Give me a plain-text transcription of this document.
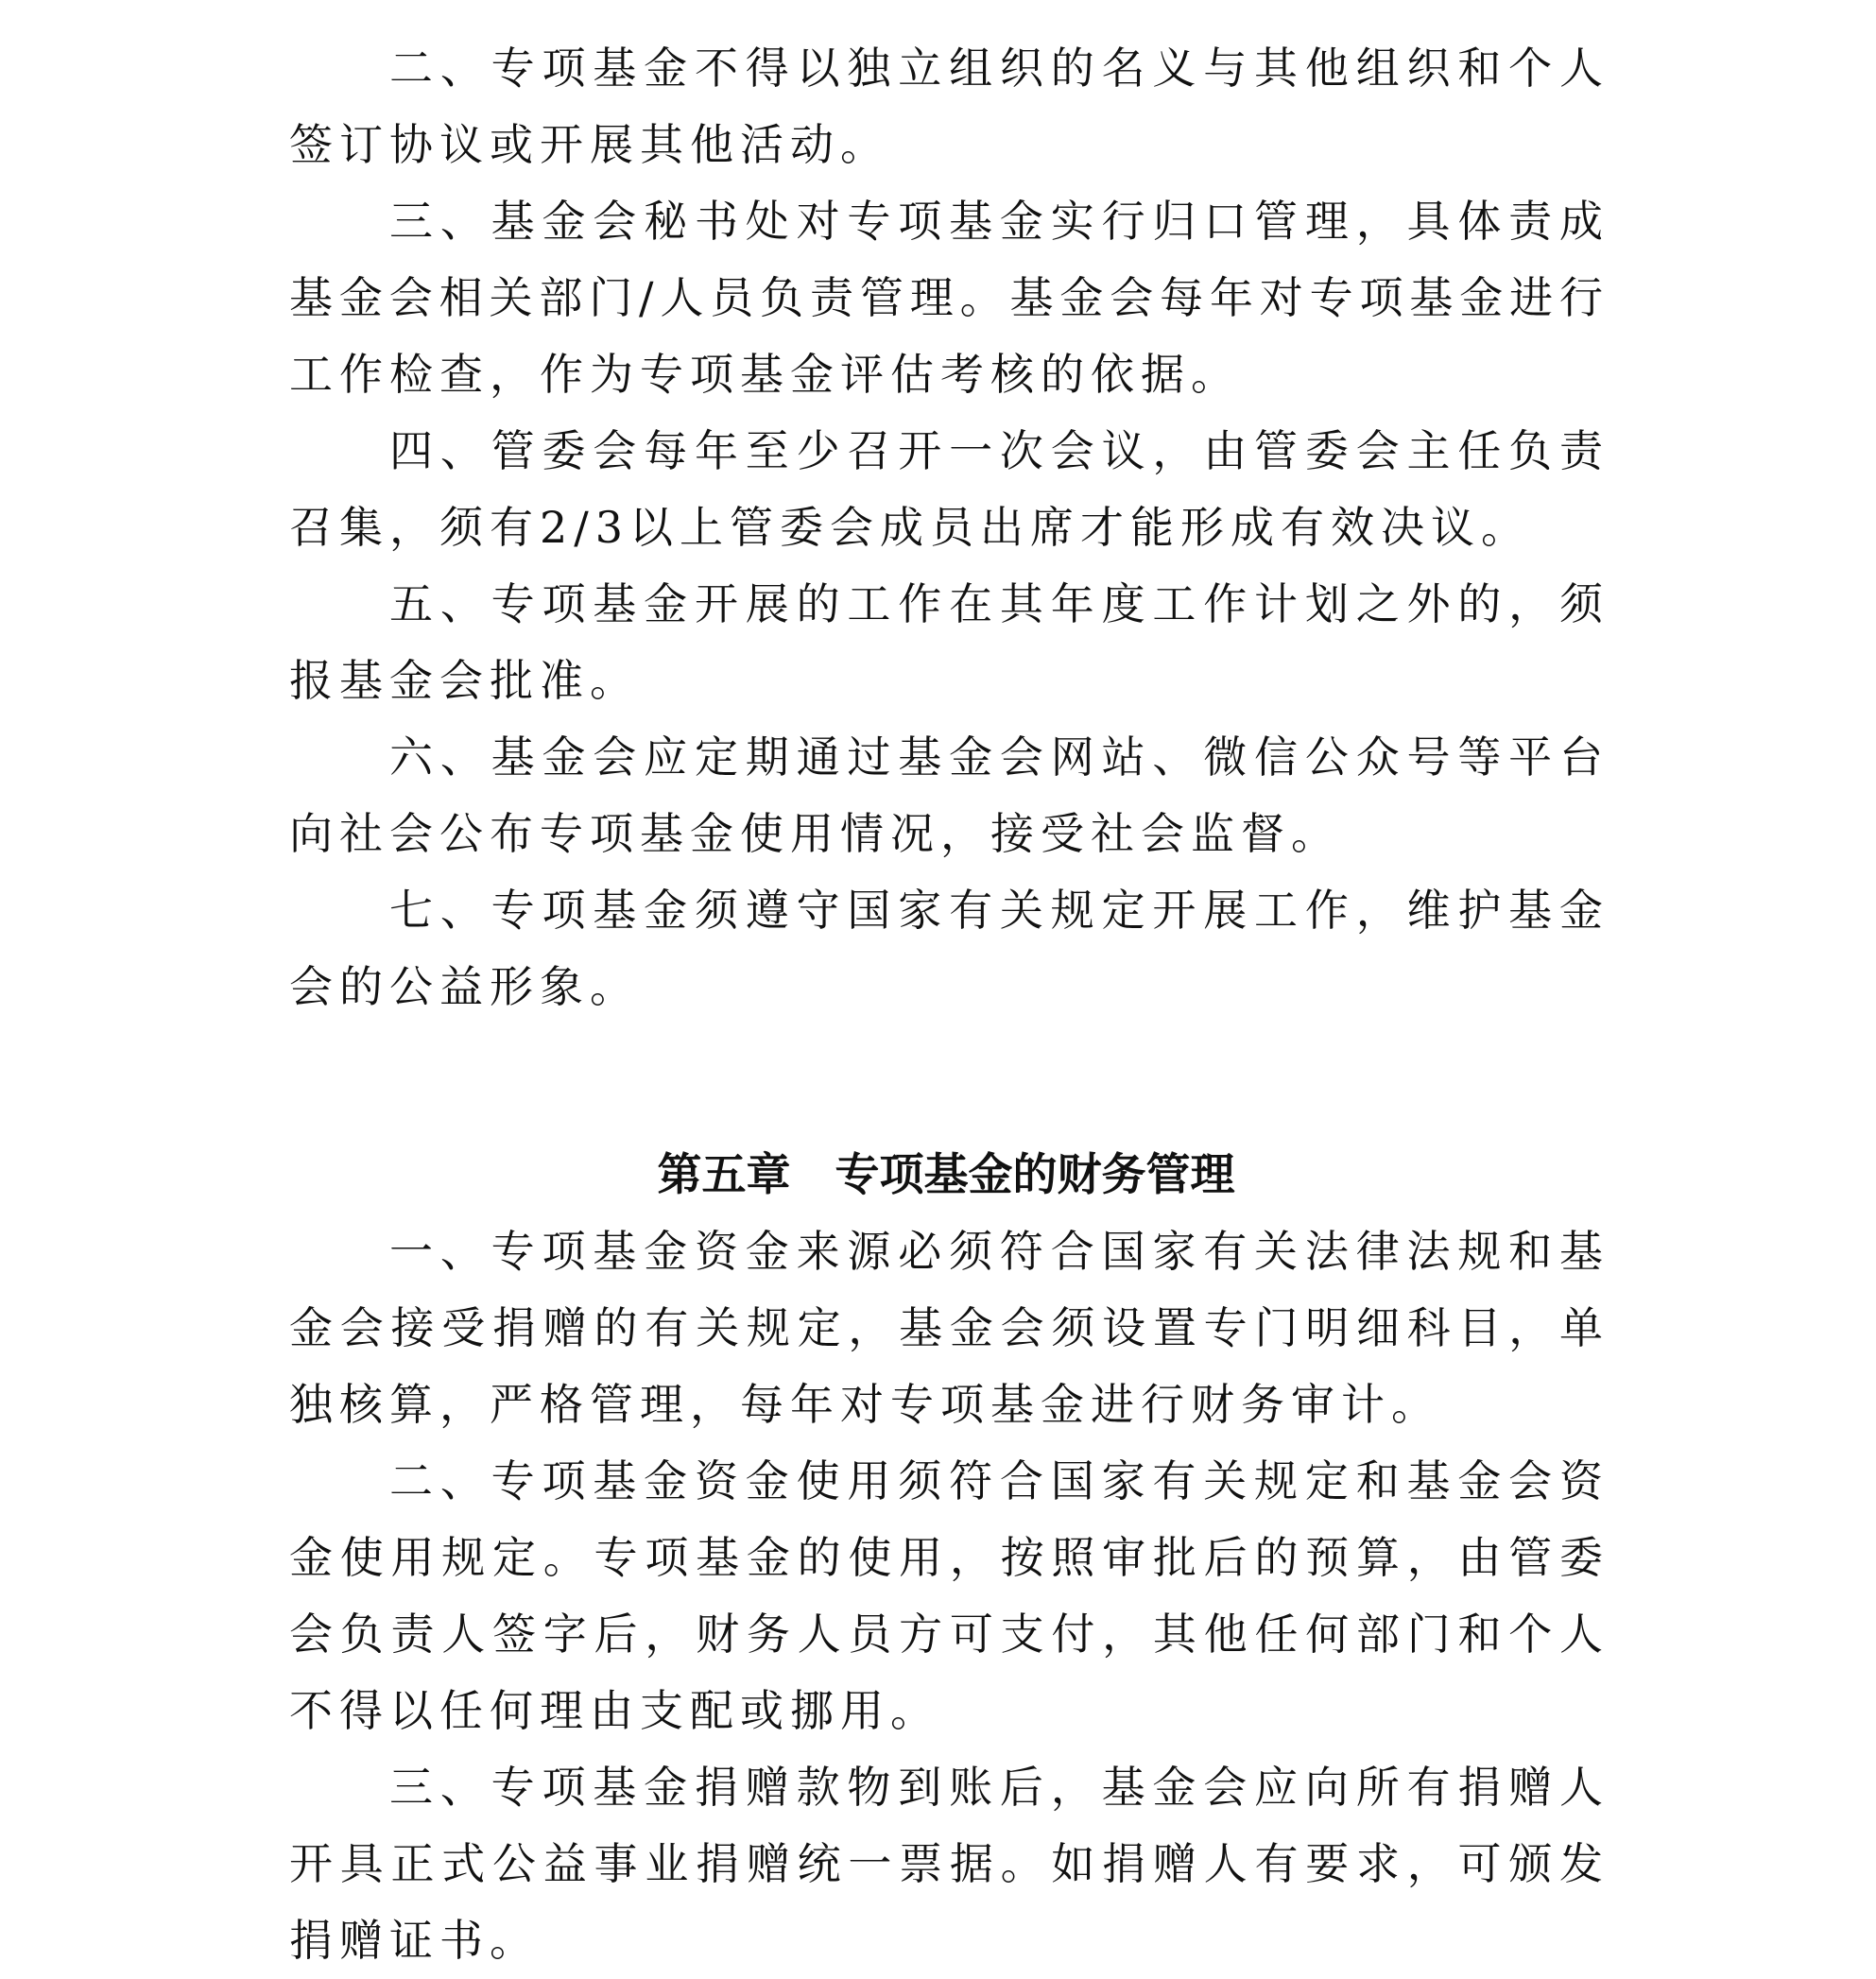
二、专项基金不得以独立组织的名义与其他组织和个人
签订协议或开展其他活动。
三、基金会秘书处对专项基金实行归口管理，具体责成
基金会相关部门/人员负责管理。基金会每年对专项基金进行
工作检查，作为专项基金评估考核的依据。
四、管委会每年至少召开一次会议，由管委会主任负责
召集，须有2/3以上管委会成员出席才能形成有效决议。
五、专项基金开展的工作在其年度工作计划之外的，须
报基金会批准。
六、基金会应定期通过基金会网站、微信公众号等平台
向社会公布专项基金使用情况，接受社会监督。
七、专项基金须遵守国家有关规定开展工作，维护基金
会的公益形象。
第五章　专项基金的财务管理
一、专项基金资金来源必须符合国家有关法律法规和基
金会接受捐赠的有关规定，基金会须设置专门明细科目，单
独核算，严格管理，每年对专项基金进行财务审计。
二、专项基金资金使用须符合国家有关规定和基金会资
金使用规定。专项基金的使用，按照审批后的预算，由管委
会负责人签字后，财务人员方可支付，其他任何部门和个人
不得以任何理由支配或挪用。
三、专项基金捐赠款物到账后，基金会应向所有捐赠人
开具正式公益事业捐赠统一票据。如捐赠人有要求，可颁发
捐赠证书。
